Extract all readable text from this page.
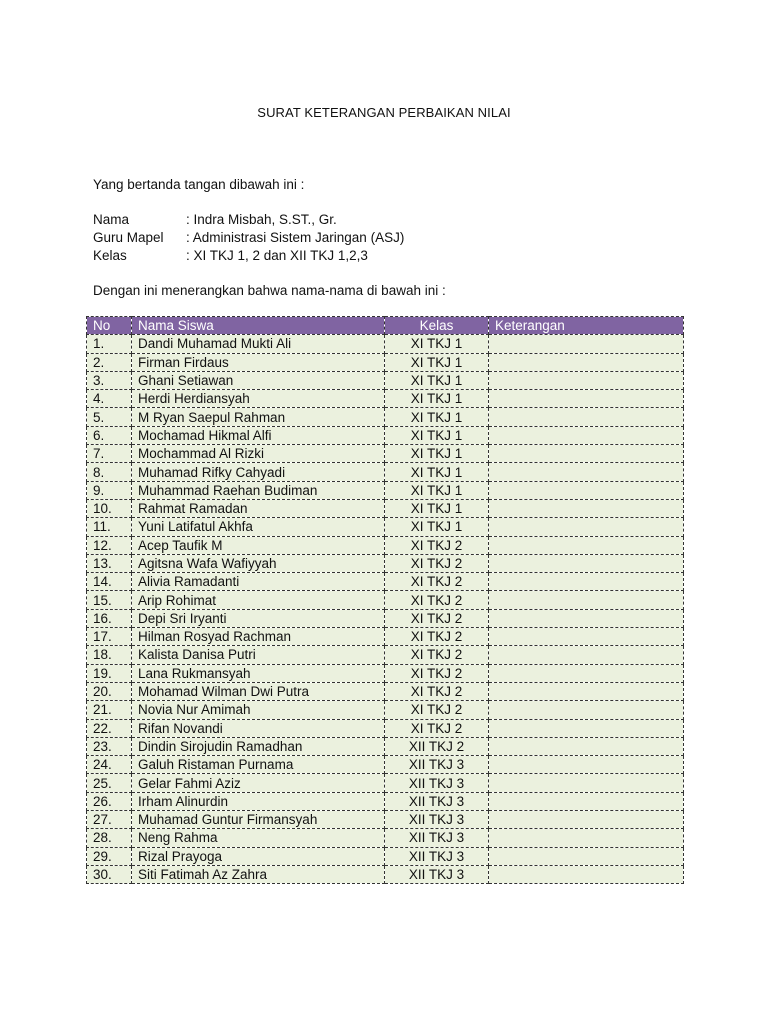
SURAT KETERANGAN PERBAIKAN NILAI
Yang bertanda tangan dibawah ini :
Nama	: Indra Misbah, S.ST., Gr.
Guru Mapel	: Administrasi Sistem Jaringan (ASJ)
Kelas	: XI TKJ 1, 2 dan XII TKJ 1,2,3
Dengan ini menerangkan bahwa nama-nama di bawah ini :
No	Nama Siswa	Kelas	Keterangan
1.	Dandi Muhamad Mukti Ali	XI TKJ 1	
2.	Firman Firdaus	XI TKJ 1	
3.	Ghani Setiawan	XI TKJ 1	
4.	Herdi Herdiansyah	XI TKJ 1	
5.	M Ryan Saepul Rahman	XI TKJ 1	
6.	Mochamad Hikmal Alfi	XI TKJ 1	
7.	Mochammad Al Rizki	XI TKJ 1	
8.	Muhamad Rifky Cahyadi	XI TKJ 1	
9.	Muhammad Raehan Budiman	XI TKJ 1	
10.	Rahmat Ramadan	XI TKJ 1	
11.	Yuni Latifatul Akhfa	XI TKJ 1	
12.	Acep Taufik M	XI TKJ 2	
13.	Agitsna Wafa Wafiyyah	XI TKJ 2	
14.	Alivia Ramadanti	XI TKJ 2	
15.	Arip Rohimat	XI TKJ 2	
16.	Depi Sri Iryanti	XI TKJ 2	
17.	Hilman Rosyad Rachman	XI TKJ 2	
18.	Kalista Danisa Putri	XI TKJ 2	
19.	Lana Rukmansyah	XI TKJ 2	
20.	Mohamad Wilman Dwi Putra	XI TKJ 2	
21.	Novia Nur Amimah	XI TKJ 2	
22.	Rifan Novandi	XI TKJ 2	
23.	Dindin Sirojudin Ramadhan	XII TKJ 2	
24.	Galuh Ristaman Purnama	XII TKJ 3	
25.	Gelar Fahmi Aziz	XII TKJ 3	
26.	Irham Alinurdin	XII TKJ 3	
27.	Muhamad Guntur Firmansyah	XII TKJ 3	
28.	Neng Rahma	XII TKJ 3	
29.	Rizal Prayoga	XII TKJ 3	
30.	Siti Fatimah Az Zahra	XII TKJ 3	
